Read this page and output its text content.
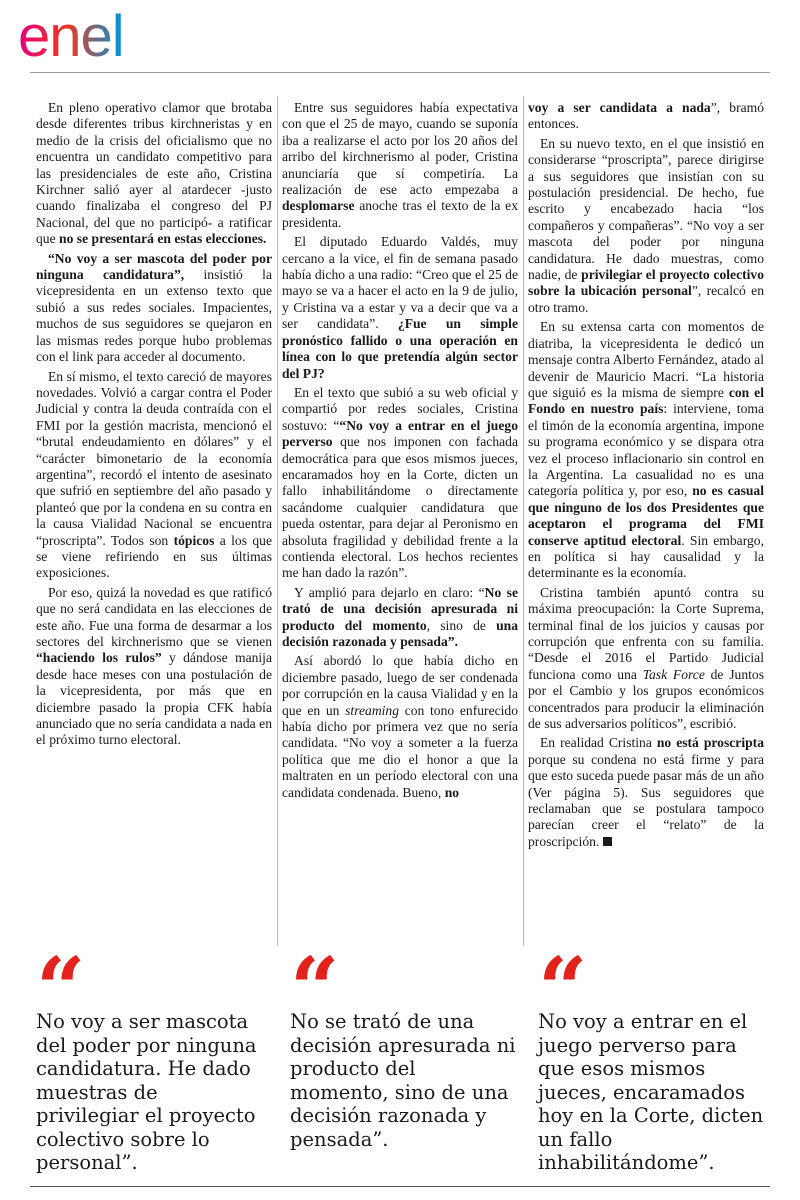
enel

En pleno operativo clamor que brotaba desde diferentes tribus kirchneristas y en medio de la crisis del oficialismo que no encuentra un candidato competitivo para las presidenciales de este año, Cristina Kirchner salió ayer al atardecer -justo cuando finalizaba el congreso del PJ Nacional, del que no participó- a ratificar que no se presentará en estas elecciones.

“No voy a ser mascota del poder por ninguna candidatura”, insistió la vicepresidenta en un extenso texto que subió a sus redes sociales. Impacientes, muchos de sus seguidores se quejaron en las mismas redes porque hubo problemas con el link para acceder al documento.

En sí mismo, el texto careció de mayores novedades. Volvió a cargar contra el Poder Judicial y contra la deuda contraída con el FMI por la gestión macrista, mencionó el “brutal endeudamiento en dólares” y el “carácter bimonetario de la economía argentina”, recordó el intento de asesinato que sufrió en septiembre del año pasado y planteó que por la condena en su contra en la causa Vialidad Nacional se encuentra “proscripta”. Todos son tópicos a los que se viene refiriendo en sus últimas exposiciones.

Por eso, quizá la novedad es que ratificó que no será candidata en las elecciones de este año. Fue una forma de desarmar a los sectores del kirchnerismo que se vienen “haciendo los rulos” y dándose manija desde hace meses con una postulación de la vicepresidenta, por más que en diciembre pasado la propia CFK había anunciado que no sería candidata a nada en el próximo turno electoral.

Entre sus seguidores había expectativa con que el 25 de mayo, cuando se suponía iba a realizarse el acto por los 20 años del arribo del kirchnerismo al poder, Cristina anunciaría que sí competiría. La realización de ese acto empezaba a desplomarse anoche tras el texto de la ex presidenta.

El diputado Eduardo Valdés, muy cercano a la vice, el fin de semana pasado había dicho a una radio: “Creo que el 25 de mayo se va a hacer el acto en la 9 de julio, y Cristina va a estar y va a decir que va a ser candidata”. ¿Fue un simple pronóstico fallido o una operación en línea con lo que pretendía algún sector del PJ?

En el texto que subió a su web oficial y compartió por redes sociales, Cristina sostuvo: ““No voy a entrar en el juego perverso que nos imponen con fachada democrática para que esos mismos jueces, encaramados hoy en la Corte, dicten un fallo inhabilitándome o directamente sacándome cualquier candidatura que pueda ostentar, para dejar al Peronismo en absoluta fragilidad y debilidad frente a la contienda electoral. Los hechos recientes me han dado la razón”.

Y amplió para dejarlo en claro: “No se trató de una decisión apresurada ni producto del momento, sino de una decisión razonada y pensada”.

Así abordó lo que había dicho en diciembre pasado, luego de ser condenada por corrupción en la causa Vialidad y en la que en un streaming con tono enfurecido había dicho por primera vez que no sería candidata. “No voy a someter a la fuerza política que me dio el honor a que la maltraten en un período electoral con una candidata condenada. Bueno, no

voy a ser candidata a nada”, bramó entonces.

En su nuevo texto, en el que insistió en considerarse “proscripta”, parece dirigirse a sus seguidores que insistían con su postulación presidencial. De hecho, fue escrito y encabezado hacia “los compañeros y compañeras”. “No voy a ser mascota del poder por ninguna candidatura. He dado muestras, como nadie, de privilegiar el proyecto colectivo sobre la ubicación personal”, recalcó en otro tramo.

En su extensa carta con momentos de diatriba, la vicepresidenta le dedicó un mensaje contra Alberto Fernández, atado al devenir de Mauricio Macri. “La historia que siguió es la misma de siempre con el Fondo en nuestro país: interviene, toma el timón de la economía argentina, impone su programa económico y se dispara otra vez el proceso inflacionario sin control en la Argentina. La casualidad no es una categoría política y, por eso, no es casual que ninguno de los dos Presidentes que aceptaron el programa del FMI conserve aptitud electoral. Sin embargo, en política si hay causalidad y la determinante es la economía.

Cristina también apuntó contra su máxima preocupación: la Corte Suprema, terminal final de los juicios y causas por corrupción que enfrenta con su familia. “Desde el 2016 el Partido Judicial funciona como una Task Force de Juntos por el Cambio y los grupos económicos concentrados para producir la eliminación de sus adversarios políticos”, escribió.

En realidad Cristina no está proscripta porque su condena no está firme y para que esto suceda puede pasar más de un año (Ver página 5). Sus seguidores que reclamaban que se postulara tampoco parecían creer el “relato” de la proscripción.

“

No voy a ser mascota del poder por ninguna candidatura. He dado muestras de privilegiar el proyecto colectivo sobre lo personal”.

“

No se trató de una decisión apresurada ni producto del momento, sino de una decisión razonada y pensada”.

“

No voy a entrar en el juego perverso para que esos mismos jueces, encaramados hoy en la Corte, dicten un fallo inhabilitándome”.
